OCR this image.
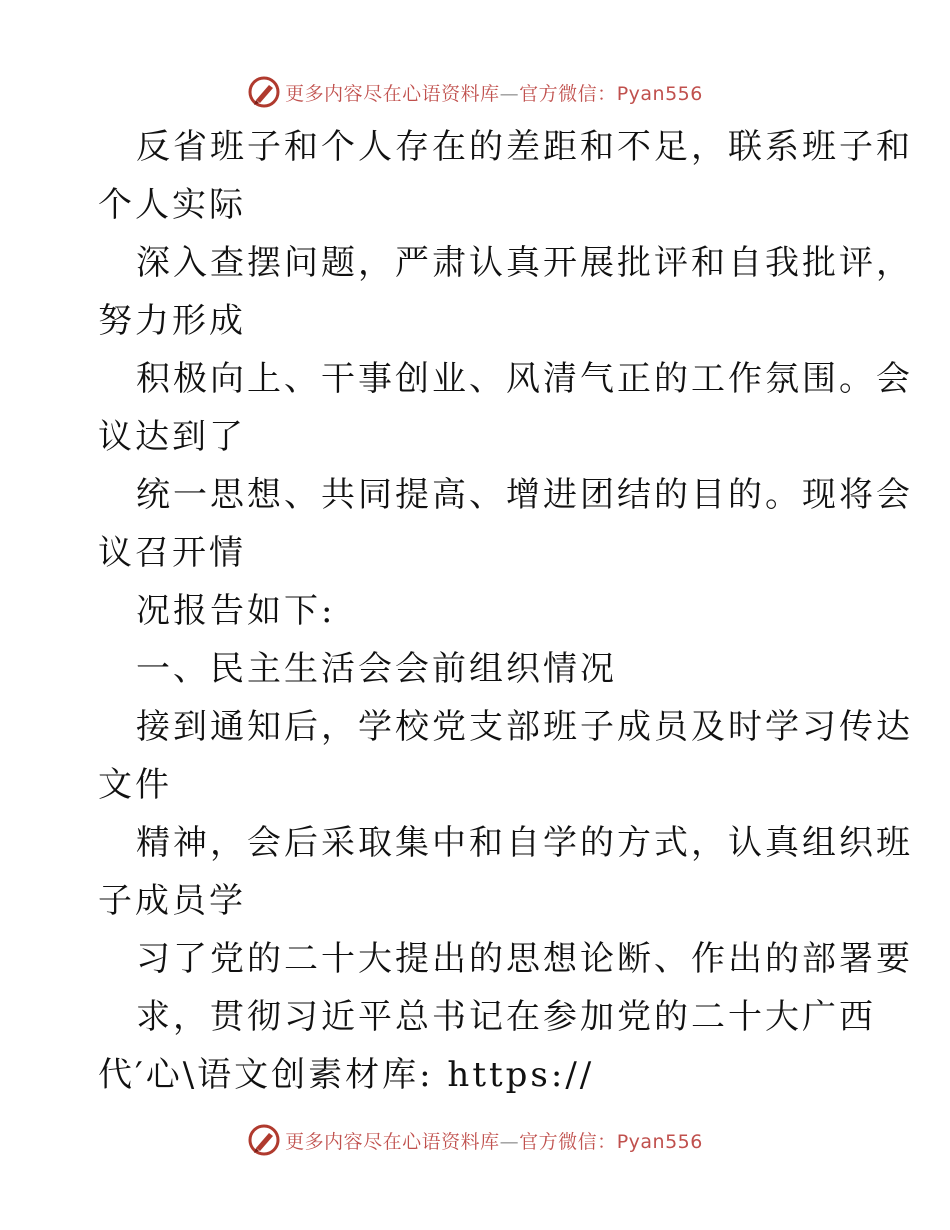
更多内容尽在心语资料库—官方微信：Pyan556
反省班子和个人存在的差距和不足，联系班子和
个人实际
深入查摆问题，严肃认真开展批评和自我批评，
努力形成
积极向上、干事创业、风清气正的工作氛围。会
议达到了
统一思想、共同提高、增进团结的目的。现将会
议召开情
况报告如下:
一、民主生活会会前组织情况
接到通知后，学校党支部班子成员及时学习传达
文件
精神，会后采取集中和自学的方式，认真组织班
子成员学
习了党的二十大提出的思想论断、作出的部署要
求，贯彻习近平总书记在参加党的二十大广西
代′心\语文创素材库: https://
更多内容尽在心语资料库—官方微信：Pyan556
